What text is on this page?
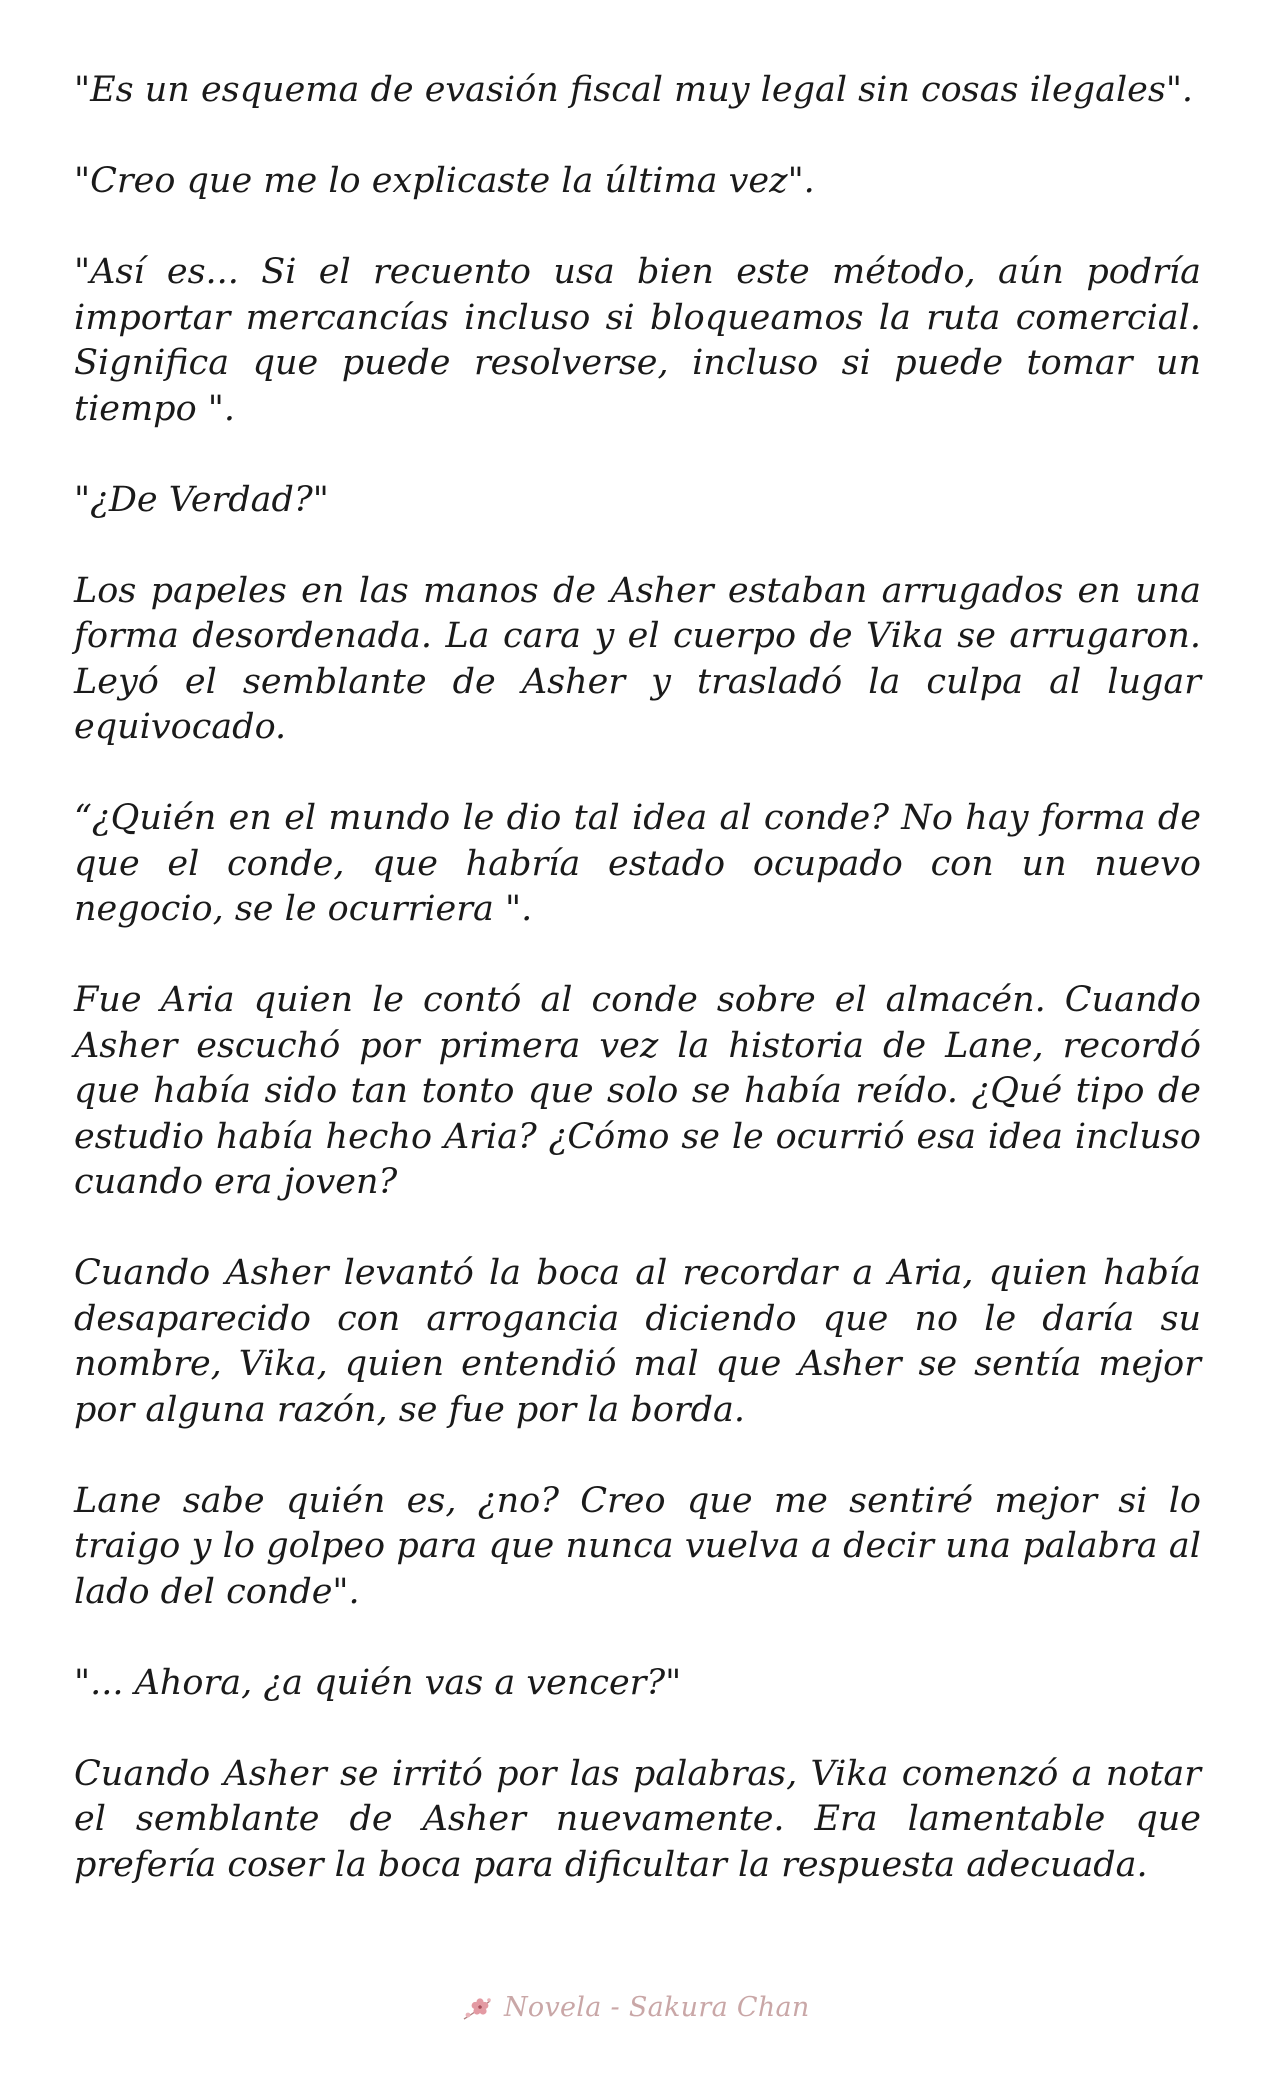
"Es un esquema de evasión fiscal muy legal sin cosas ilegales".

"Creo que me lo explicaste la última vez".

"Así es... Si el recuento usa bien este método, aún podría importar mercancías incluso si bloqueamos la ruta comercial. Significa que puede resolverse, incluso si puede tomar un tiempo ".

"¿De Verdad?"

Los papeles en las manos de Asher estaban arrugados en una forma desordenada. La cara y el cuerpo de Vika se arrugaron. Leyó el semblante de Asher y trasladó la culpa al lugar equivocado.

“¿Quién en el mundo le dio tal idea al conde? No hay forma de que el conde, que habría estado ocupado con un nuevo negocio, se le ocurriera ".

Fue Aria quien le contó al conde sobre el almacén. Cuando Asher escuchó por primera vez la historia de Lane, recordó que había sido tan tonto que solo se había reído. ¿Qué tipo de estudio había hecho Aria? ¿Cómo se le ocurrió esa idea incluso cuando era joven?

Cuando Asher levantó la boca al recordar a Aria, quien había desaparecido con arrogancia diciendo que no le daría su nombre, Vika, quien entendió mal que Asher se sentía mejor por alguna razón, se fue por la borda.

Lane sabe quién es, ¿no? Creo que me sentiré mejor si lo traigo y lo golpeo para que nunca vuelva a decir una palabra al lado del conde".

"... Ahora, ¿a quién vas a vencer?"

Cuando Asher se irritó por las palabras, Vika comenzó a notar el semblante de Asher nuevamente. Era lamentable que prefería coser la boca para dificultar la respuesta adecuada.

Novela - Sakura Chan
